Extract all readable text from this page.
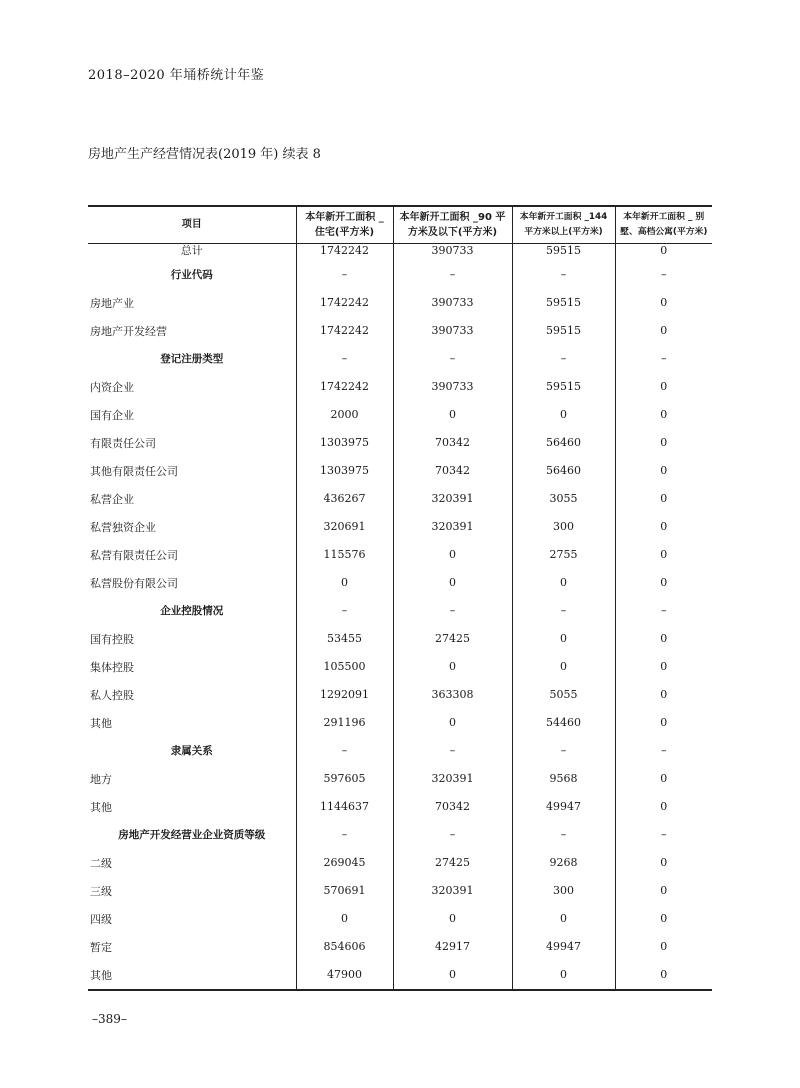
2018–2020 年埇桥统计年鉴
房地产生产经营情况表(2019 年) 续表 8
项目	本年新开工面积 _ 住宅(平方米)	本年新开工面积 _90 平方米及以下(平方米)	本年新开工面积 _144 平方米以上(平方米)	本年新开工面积 _ 别墅、高档公寓(平方米)
总计	1742242	390733	59515	0
行业代码	–	–	–	–
房地产业	1742242	390733	59515	0
房地产开发经营	1742242	390733	59515	0
登记注册类型	–	–	–	–
内资企业	1742242	390733	59515	0
国有企业	2000	0	0	0
有限责任公司	1303975	70342	56460	0
其他有限责任公司	1303975	70342	56460	0
私营企业	436267	320391	3055	0
私营独资企业	320691	320391	300	0
私营有限责任公司	115576	0	2755	0
私营股份有限公司	0	0	0	0
企业控股情况	–	–	–	–
国有控股	53455	27425	0	0
集体控股	105500	0	0	0
私人控股	1292091	363308	5055	0
其他	291196	0	54460	0
隶属关系	–	–	–	–
地方	597605	320391	9568	0
其他	1144637	70342	49947	0
房地产开发经营业企业资质等级	–	–	–	–
二级	269045	27425	9268	0
三级	570691	320391	300	0
四级	0	0	0	0
暂定	854606	42917	49947	0
其他	47900	0	0	0
–389–
